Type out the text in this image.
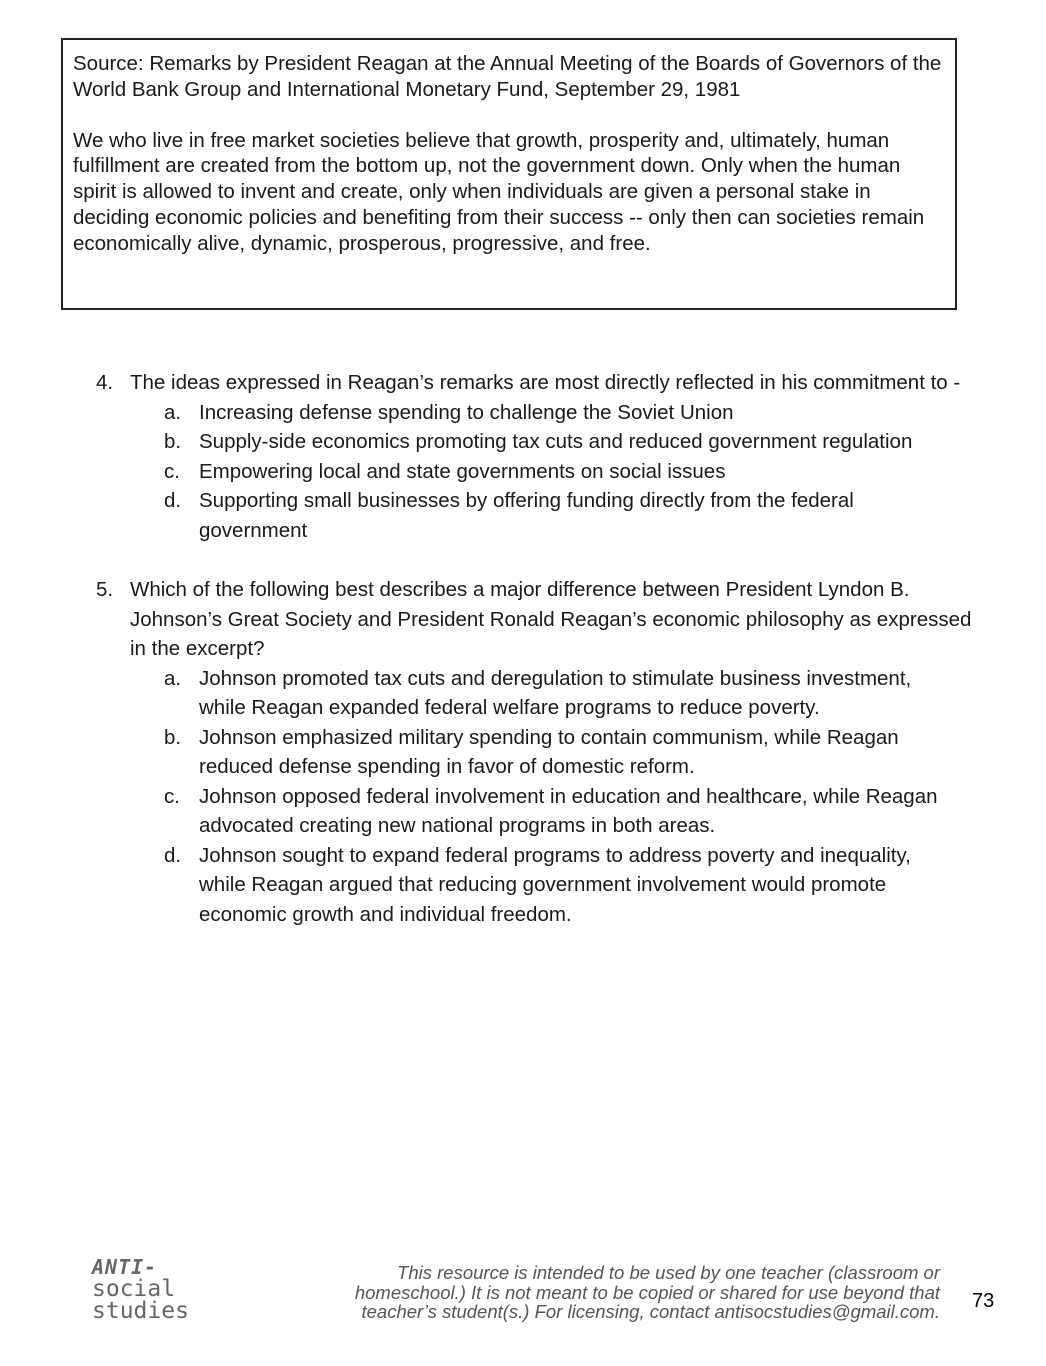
Source: Remarks by President Reagan at the Annual Meeting of the Boards of Governors of the World Bank Group and International Monetary Fund, September 29, 1981

We who live in free market societies believe that growth, prosperity and, ultimately, human fulfillment are created from the bottom up, not the government down. Only when the human spirit is allowed to invent and create, only when individuals are given a personal stake in deciding economic policies and benefiting from their success -- only then can societies remain economically alive, dynamic, prosperous, progressive, and free.

4. The ideas expressed in Reagan’s remarks are most directly reflected in his commitment to -

a. Increasing defense spending to challenge the Soviet Union
b. Supply-side economics promoting tax cuts and reduced government regulation
c. Empowering local and state governments on social issues
d. Supporting small businesses by offering funding directly from the federal government
5. Which of the following best describes a major difference between President Lyndon B. Johnson’s Great Society and President Ronald Reagan’s economic philosophy as expressed in the excerpt?

a. Johnson promoted tax cuts and deregulation to stimulate business investment, while Reagan expanded federal welfare programs to reduce poverty.
b. Johnson emphasized military spending to contain communism, while Reagan reduced defense spending in favor of domestic reform.
c. Johnson opposed federal involvement in education and healthcare, while Reagan advocated creating new national programs in both areas.
d. Johnson sought to expand federal programs to address poverty and inequality, while Reagan argued that reducing government involvement would promote economic growth and individual freedom.
ANTI-
social
studies
This resource is intended to be used by one teacher (classroom or
homeschool.) It is not meant to be copied or shared for use beyond that
teacher’s student(s.) For licensing, contact antisocstudies@gmail.com. 73
